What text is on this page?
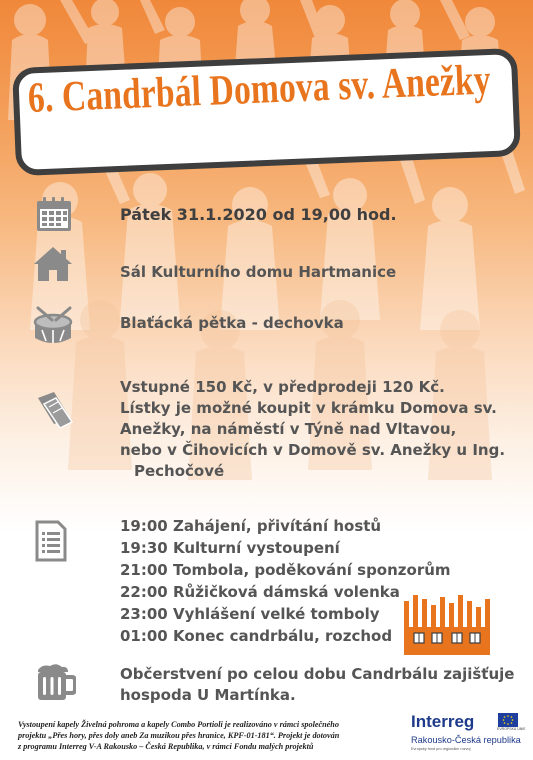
6. Candrbál Domova sv. Anežky
Pátek 31.1.2020 od 19,00 hod.
Sál Kulturního domu Hartmanice
Blaťácká pětka - dechovka
Vstupné 150 Kč, v předprodeji 120 Kč.
Lístky je možné koupit v krámku Domova sv.
Anežky, na náměstí v Týně nad Vltavou,
nebo v Čihovicích v Domově sv. Anežky u Ing.
Pechočové
19:00 Zahájení, přivítání hostů
19:30 Kulturní vystoupení
21:00 Tombola, poděkování sponzorům
22:00 Růžičková dámská volenka
23:00 Vyhlášení velké tomboly
01:00 Konec candrbálu, rozchod
Občerstvení po celou dobu Candrbálu zajišťuje
hospoda U Martínka.
Vystoupení kapely Živelná pohroma a kapely Combo Portioli je realizováno v rámci společného
projektu „Přes hory, přes doly aneb Za muzikou přes hranice, KPF-01-181“. Projekt je dotován
z programu Interreg V-A Rakousko – Česká Republika, v rámci Fondu malých projektů
Interreg	EVROPSKÁ UNIE
Rakousko-Česká republika
Evropský fond pro regionální rozvoj
